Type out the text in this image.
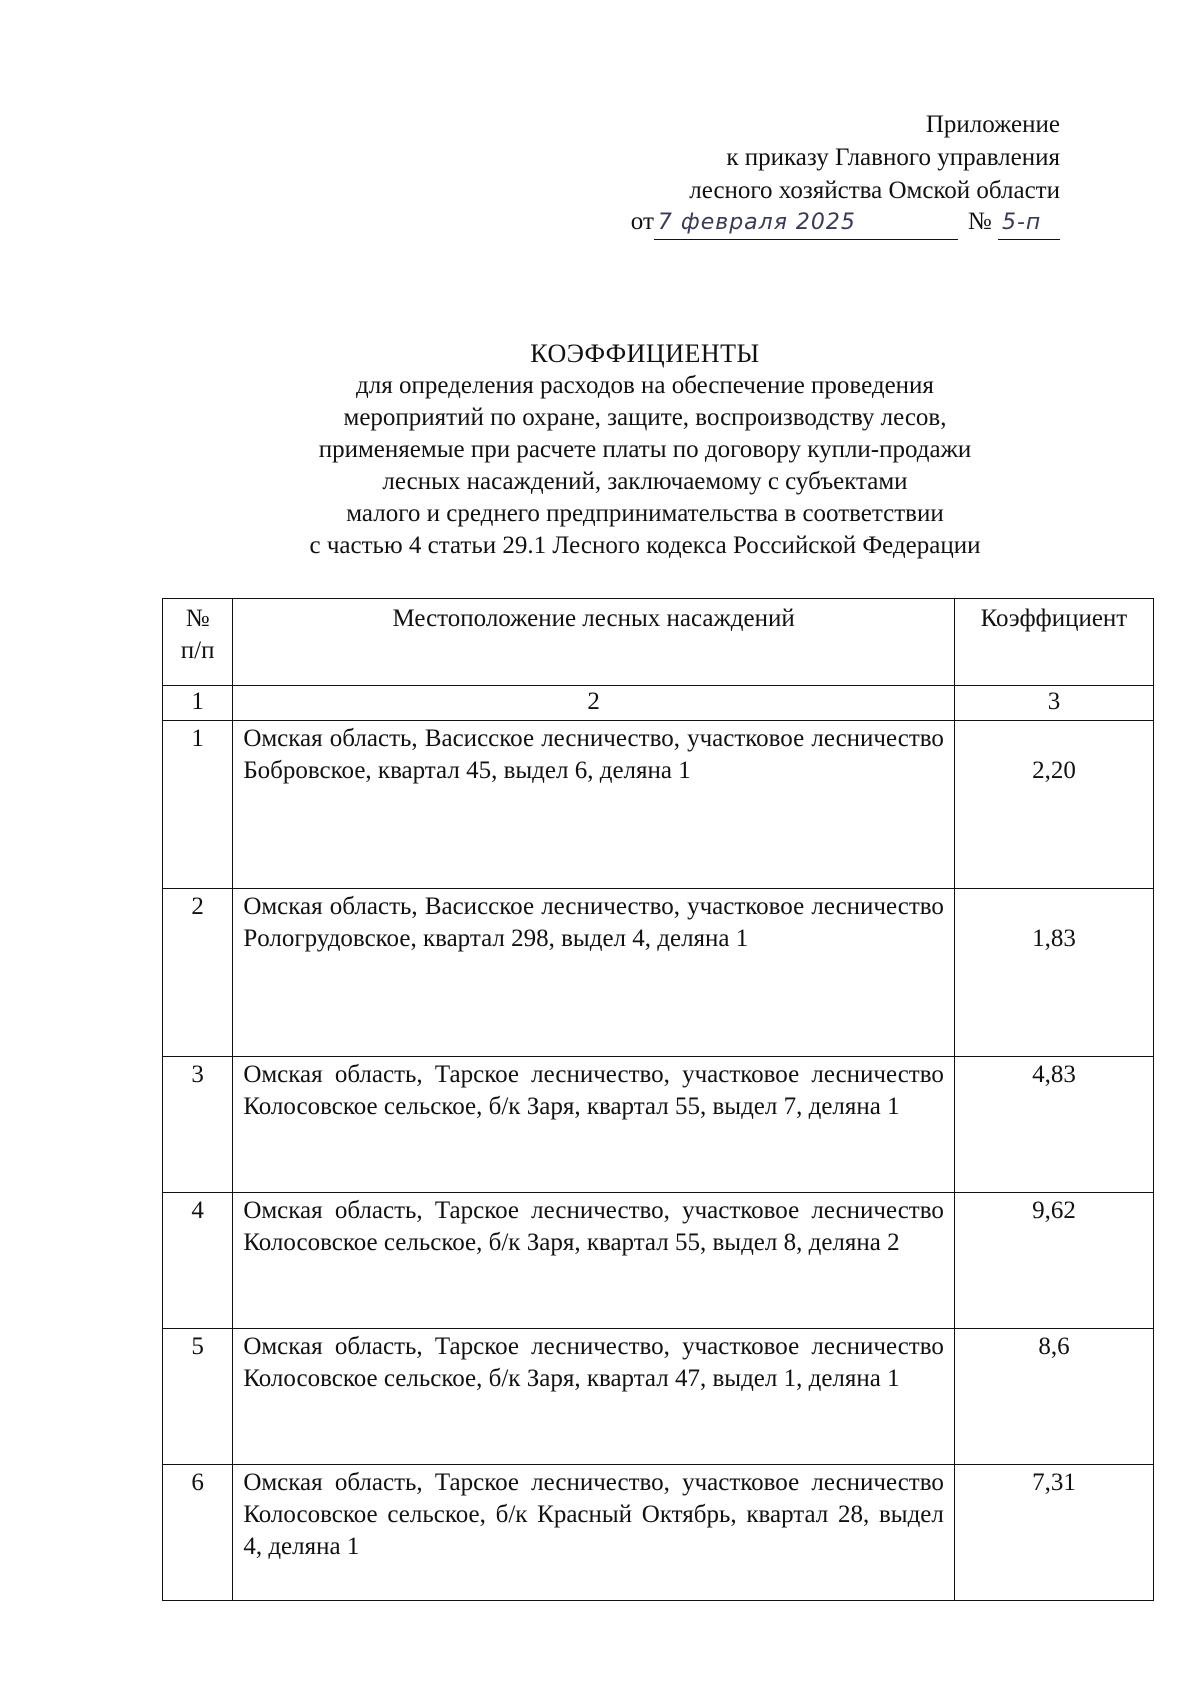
Приложение
к приказу Главного управления
лесного хозяйства Омской области
от 7 февраля 2025	№ 5-п
КОЭФФИЦИЕНТЫ
для определения расходов на обеспечение проведения
мероприятий по охране, защите, воспроизводству лесов,
применяемые при расчете платы по договору купли-продажи
лесных насаждений, заключаемому с субъектами
малого и среднего предпринимательства в соответствии
с частью 4 статьи 29.1 Лесного кодекса Российской Федерации
№
п/п	Местоположение лесных насаждений	Коэффициент
1	2	3
1	Омская область, Васисское лесничество, участковое лесничество Бобровское, квартал 45, выдел 6, деляна 1	2,20
2	Омская область, Васисское лесничество, участковое лесничество Pологрудовское, квартал 298, выдел 4, деляна 1	1,83
3	Омская область, Тарское лесничество, участковое лесничество Колосовское сельское, б/к Заря, квартал 55, выдел 7, деляна 1	4,83
4	Омская область, Тарское лесничество, участковое лесничество Колосовское сельское, б/к Заря, квартал 55, выдел 8, деляна 2	9,62
5	Омская область, Тарское лесничество, участковое лесничество Колосовское сельское, б/к Заря, квартал 47, выдел 1, деляна 1	8,6
6	Омская область, Тарское лесничество, участковое лесничество Колосовское сельское, б/к Красный Октябрь, квартал 28, выдел 4, деляна 1	7,31
